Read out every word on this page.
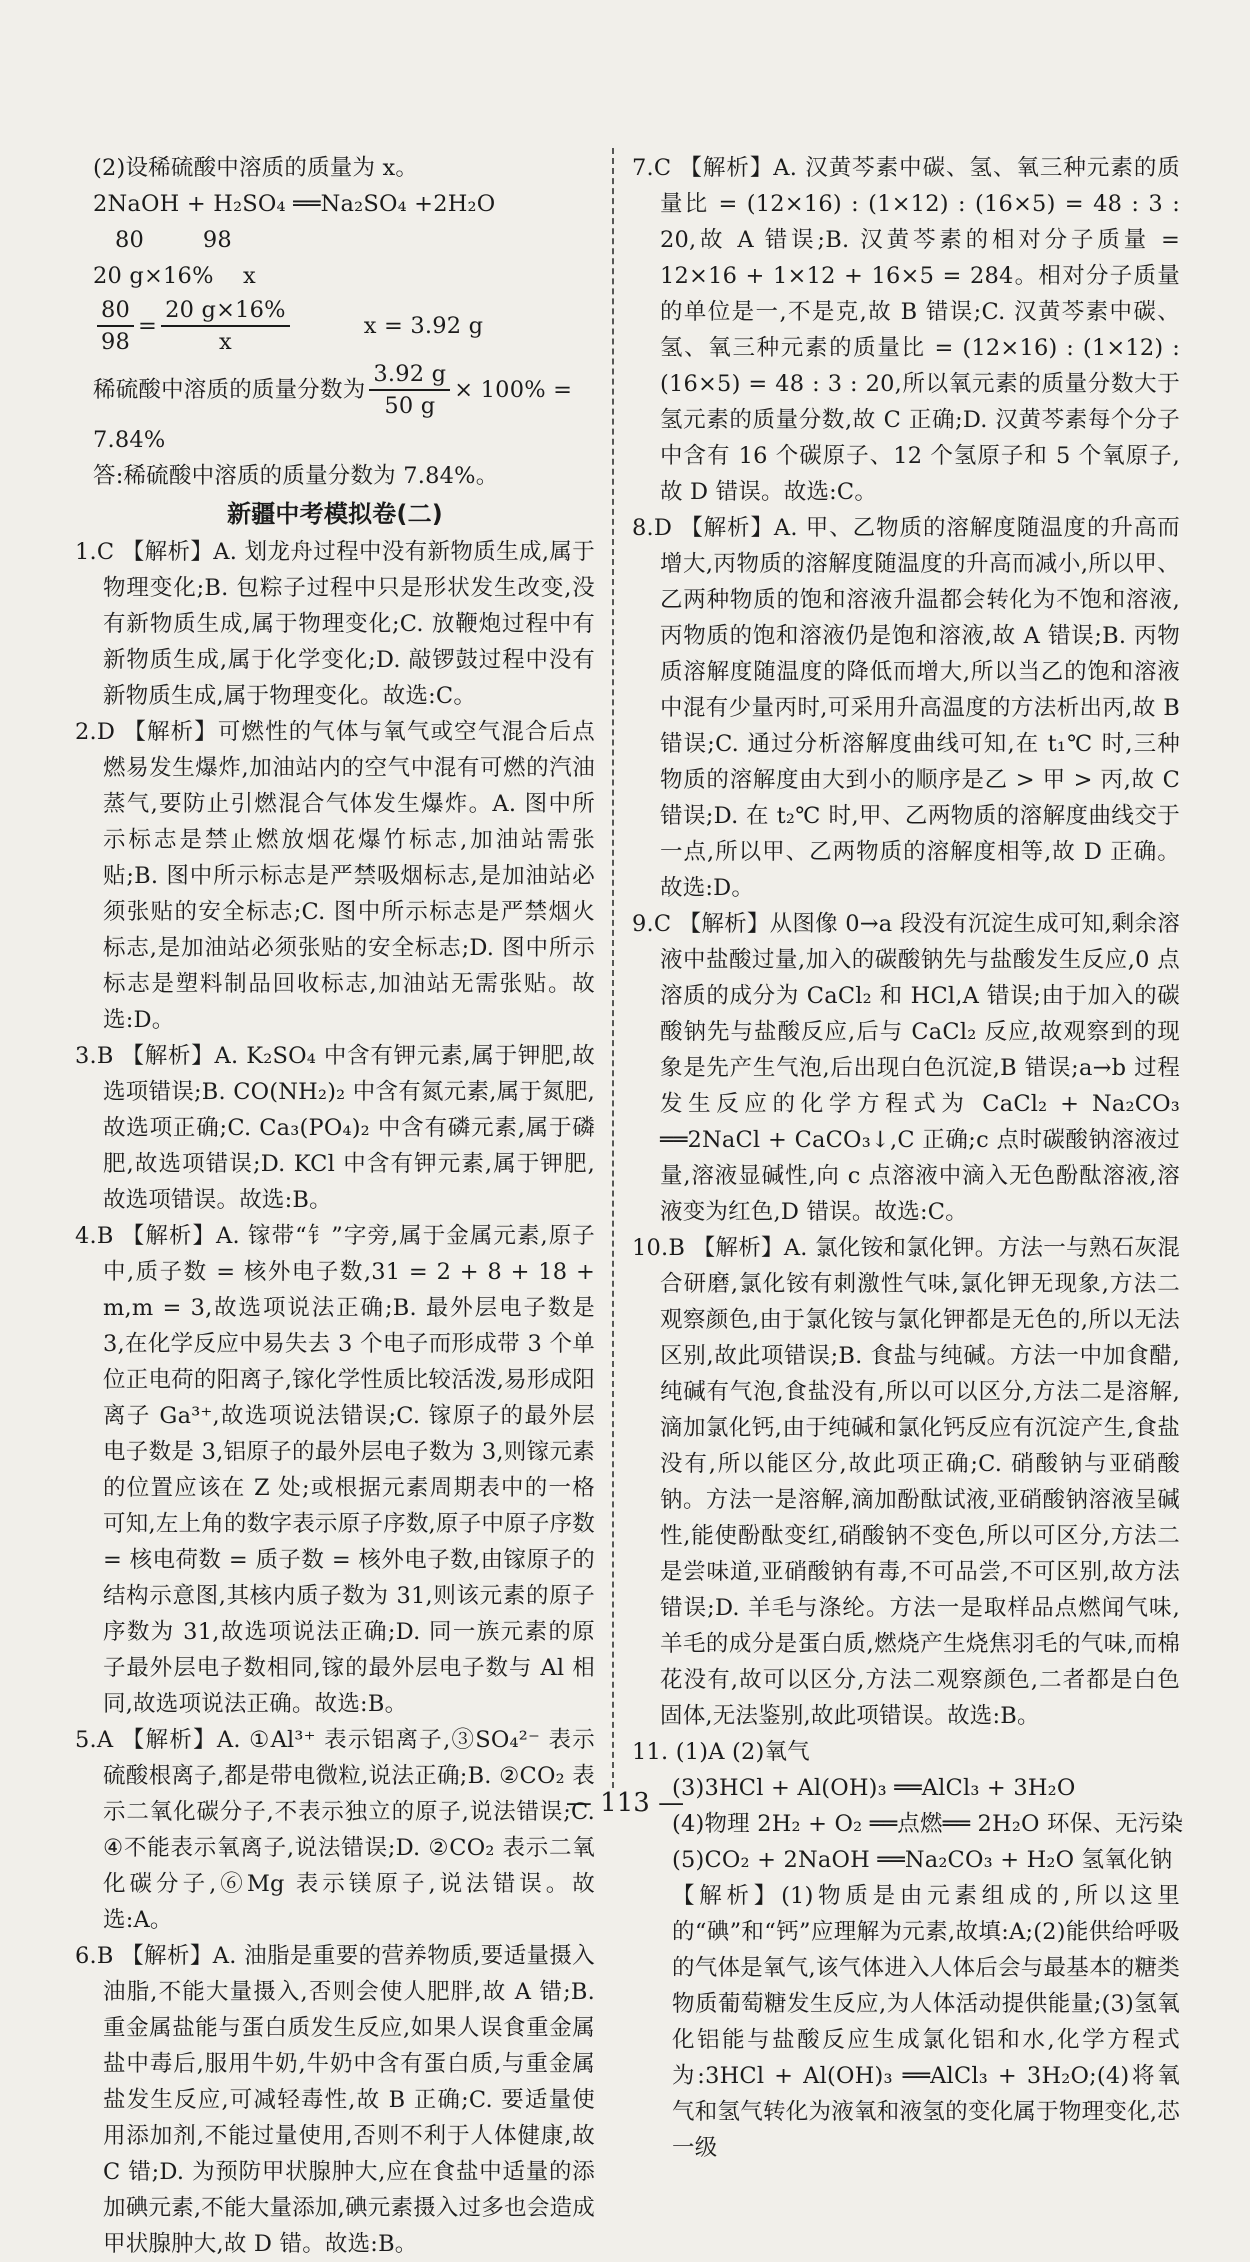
(2)设稀硫酸中溶质的质量为 x。
2NaOH + H₂SO₄ ══Na₂SO₄ +2H₂O
80        98
20 g×16%    x
$\frac{80}{98} = \frac{20 g\times 16\%}{x}$	x = 3.92 g
稀硫酸中溶质的质量分数为 $\frac{3.92 g}{50 g} \times 100\%$ =
7.84%
答:稀硫酸中溶质的质量分数为 7.84%。
新疆中考模拟卷(二)
1.C 【解析】A. 划龙舟过程中没有新物质生成,属于物理变化;B. 包粽子过程中只是形状发生改变,没有新物质生成,属于物理变化;C. 放鞭炮过程中有新物质生成,属于化学变化;D. 敲锣鼓过程中没有新物质生成,属于物理变化。故选:C。
2.D 【解析】可燃性的气体与氧气或空气混合后点燃易发生爆炸,加油站内的空气中混有可燃的汽油蒸气,要防止引燃混合气体发生爆炸。A. 图中所示标志是禁止燃放烟花爆竹标志,加油站需张贴;B. 图中所示标志是严禁吸烟标志,是加油站必须张贴的安全标志;C. 图中所示标志是严禁烟火标志,是加油站必须张贴的安全标志;D. 图中所示标志是塑料制品回收标志,加油站无需张贴。故选:D。
3.B 【解析】A. K₂SO₄ 中含有钾元素,属于钾肥,故选项错误;B. CO(NH₂)₂ 中含有氮元素,属于氮肥,故选项正确;C. Ca₃(PO₄)₂ 中含有磷元素,属于磷肥,故选项错误;D. KCl 中含有钾元素,属于钾肥,故选项错误。故选:B。
4.B 【解析】A. 镓带“钅”字旁,属于金属元素,原子中,质子数 = 核外电子数,31 = 2 + 8 + 18 + m,m = 3,故选项说法正确;B. 最外层电子数是 3,在化学反应中易失去 3 个电子而形成带 3 个单位正电荷的阳离子,镓化学性质比较活泼,易形成阳离子 Ga³⁺,故选项说法错误;C. 镓原子的最外层电子数是 3,铝原子的最外层电子数为 3,则镓元素的位置应该在 Z 处;或根据元素周期表中的一格可知,左上角的数字表示原子序数,原子中原子序数 = 核电荷数 = 质子数 = 核外电子数,由镓原子的结构示意图,其核内质子数为 31,则该元素的原子序数为 31,故选项说法正确;D. 同一族元素的原子最外层电子数相同,镓的最外层电子数与 Al 相同,故选项说法正确。故选:B。
5.A 【解析】A. ①Al³⁺ 表示铝离子,③SO₄²⁻ 表示硫酸根离子,都是带电微粒,说法正确;B. ②CO₂ 表示二氧化碳分子,不表示独立的原子,说法错误;C. ④不能表示氧离子,说法错误;D. ②CO₂ 表示二氧化碳分子,⑥Mg 表示镁原子,说法错误。故选:A。
6.B 【解析】A. 油脂是重要的营养物质,要适量摄入油脂,不能大量摄入,否则会使人肥胖,故 A 错;B. 重金属盐能与蛋白质发生反应,如果人误食重金属盐中毒后,服用牛奶,牛奶中含有蛋白质,与重金属盐发生反应,可减轻毒性,故 B 正确;C. 要适量使用添加剂,不能过量使用,否则不利于人体健康,故 C 错;D. 为预防甲状腺肿大,应在食盐中适量的添加碘元素,不能大量添加,碘元素摄入过多也会造成甲状腺肿大,故 D 错。故选:B。
7.C 【解析】A. 汉黄芩素中碳、氢、氧三种元素的质量比 = (12×16) : (1×12) : (16×5) = 48 : 3 : 20,故 A 错误;B. 汉黄芩素的相对分子质量 = 12×16 + 1×12 + 16×5 = 284。相对分子质量的单位是一,不是克,故 B 错误;C. 汉黄芩素中碳、氢、氧三种元素的质量比 = (12×16) : (1×12) : (16×5) = 48 : 3 : 20,所以氧元素的质量分数大于氢元素的质量分数,故 C 正确;D. 汉黄芩素每个分子中含有 16 个碳原子、12 个氢原子和 5 个氧原子,故 D 错误。故选:C。
8.D 【解析】A. 甲、乙物质的溶解度随温度的升高而增大,丙物质的溶解度随温度的升高而减小,所以甲、乙两种物质的饱和溶液升温都会转化为不饱和溶液,丙物质的饱和溶液仍是饱和溶液,故 A 错误;B. 丙物质溶解度随温度的降低而增大,所以当乙的饱和溶液中混有少量丙时,可采用升高温度的方法析出丙,故 B 错误;C. 通过分析溶解度曲线可知,在 t₁℃ 时,三种物质的溶解度由大到小的顺序是乙 > 甲 > 丙,故 C 错误;D. 在 t₂℃ 时,甲、乙两物质的溶解度曲线交于一点,所以甲、乙两物质的溶解度相等,故 D 正确。故选:D。
9.C 【解析】从图像 0→a 段没有沉淀生成可知,剩余溶液中盐酸过量,加入的碳酸钠先与盐酸发生反应,0 点溶质的成分为 CaCl₂ 和 HCl,A 错误;由于加入的碳酸钠先与盐酸反应,后与 CaCl₂ 反应,故观察到的现象是先产生气泡,后出现白色沉淀,B 错误;a→b 过程发生反应的化学方程式为 CaCl₂ + Na₂CO₃ ══2NaCl + CaCO₃↓,C 正确;c 点时碳酸钠溶液过量,溶液显碱性,向 c 点溶液中滴入无色酚酞溶液,溶液变为红色,D 错误。故选:C。
10.B 【解析】A. 氯化铵和氯化钾。方法一与熟石灰混合研磨,氯化铵有刺激性气味,氯化钾无现象,方法二观察颜色,由于氯化铵与氯化钾都是无色的,所以无法区别,故此项错误;B. 食盐与纯碱。方法一中加食醋,纯碱有气泡,食盐没有,所以可以区分,方法二是溶解,滴加氯化钙,由于纯碱和氯化钙反应有沉淀产生,食盐没有,所以能区分,故此项正确;C. 硝酸钠与亚硝酸钠。方法一是溶解,滴加酚酞试液,亚硝酸钠溶液呈碱性,能使酚酞变红,硝酸钠不变色,所以可区分,方法二是尝味道,亚硝酸钠有毒,不可品尝,不可区别,故方法错误;D. 羊毛与涤纶。方法一是取样品点燃闻气味,羊毛的成分是蛋白质,燃烧产生烧焦羽毛的气味,而棉花没有,故可以区分,方法二观察颜色,二者都是白色固体,无法鉴别,故此项错误。故选:B。
11. (1)A (2)氧气
(3)3HCl + Al(OH)₃ ══AlCl₃ + 3H₂O
(4)物理 2H₂ + O₂ ══点燃══ 2H₂O 环保、无污染
(5)CO₂ + 2NaOH ══Na₂CO₃ + H₂O 氢氧化钠
【解析】(1)物质是由元素组成的,所以这里的“碘”和“钙”应理解为元素,故填:A;(2)能供给呼吸的气体是氧气,该气体进入人体后会与最基本的糖类物质葡萄糖发生反应,为人体活动提供能量;(3)氢氧化铝能与盐酸反应生成氯化铝和水,化学方程式为:3HCl + Al(OH)₃ ══AlCl₃ + 3H₂O;(4)将氧气和氢气转化为液氧和液氢的变化属于物理变化,芯一级
— 113 —
